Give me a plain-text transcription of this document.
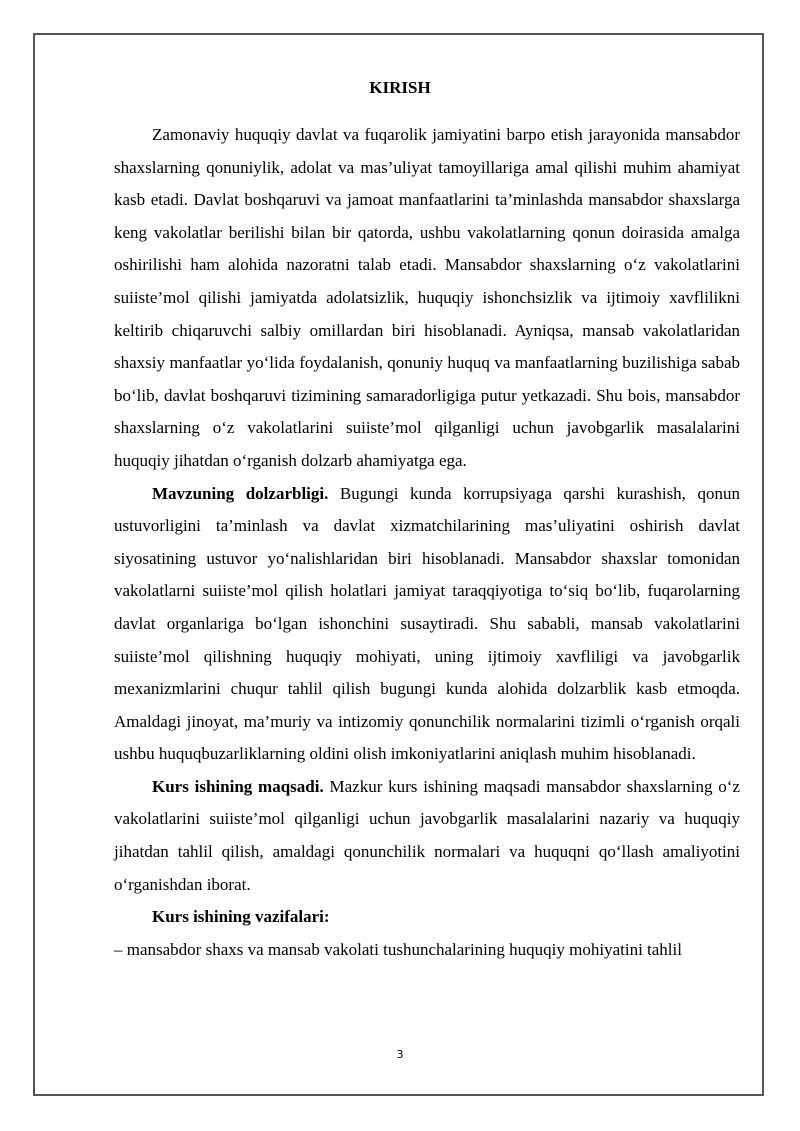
KIRISH

Zamonaviy huquqiy davlat va fuqarolik jamiyatini barpo etish jarayonida mansabdor shaxslarning qonuniylik, adolat va mas’uliyat tamoyillariga amal qilishi muhim ahamiyat kasb etadi. Davlat boshqaruvi va jamoat manfaatlarini ta’minlashda mansabdor shaxslarga keng vakolatlar berilishi bilan bir qatorda, ushbu vakolatlarning qonun doirasida amalga oshirilishi ham alohida nazoratni talab etadi. Mansabdor shaxslarning o‘z vakolatlarini suiiste’mol qilishi jamiyatda adolatsizlik, huquqiy ishonchsizlik va ijtimoiy xavflilikni keltirib chiqaruvchi salbiy omillardan biri hisoblanadi. Ayniqsa, mansab vakolatlaridan shaxsiy manfaatlar yo‘lida foydalanish, qonuniy huquq va manfaatlarning buzilishiga sabab bo‘lib, davlat boshqaruvi tizimining samaradorligiga putur yetkazadi. Shu bois, mansabdor shaxslarning o‘z vakolatlarini suiiste’mol qilganligi uchun javobgarlik masalalarini huquqiy jihatdan o‘rganish dolzarb ahamiyatga ega.

Mavzuning dolzarbligi. Bugungi kunda korrupsiyaga qarshi kurashish, qonun ustuvorligini ta’minlash va davlat xizmatchilarining mas’uliyatini oshirish davlat siyosatining ustuvor yo‘nalishlaridan biri hisoblanadi. Mansabdor shaxslar tomonidan vakolatlarni suiiste’mol qilish holatlari jamiyat taraqqiyotiga to‘siq bo‘lib, fuqarolarning davlat organlariga bo‘lgan ishonchini susaytiradi. Shu sababli, mansab vakolatlarini suiiste’mol qilishning huquqiy mohiyati, uning ijtimoiy xavfliligi va javobgarlik mexanizmlarini chuqur tahlil qilish bugungi kunda alohida dolzarblik kasb etmoqda. Amaldagi jinoyat, ma’muriy va intizomiy qonunchilik normalarini tizimli o‘rganish orqali ushbu huquqbuzarliklarning oldini olish imkoniyatlarini aniqlash muhim hisoblanadi.

Kurs ishining maqsadi. Mazkur kurs ishining maqsadi mansabdor shaxslarning o‘z vakolatlarini suiiste’mol qilganligi uchun javobgarlik masalalarini nazariy va huquqiy jihatdan tahlil qilish, amaldagi qonunchilik normalari va huquqni qo‘llash amaliyotini o‘rganishdan iborat.

Kurs ishining vazifalari:

– mansabdor shaxs va mansab vakolati tushunchalarining huquqiy mohiyatini tahlil

3
